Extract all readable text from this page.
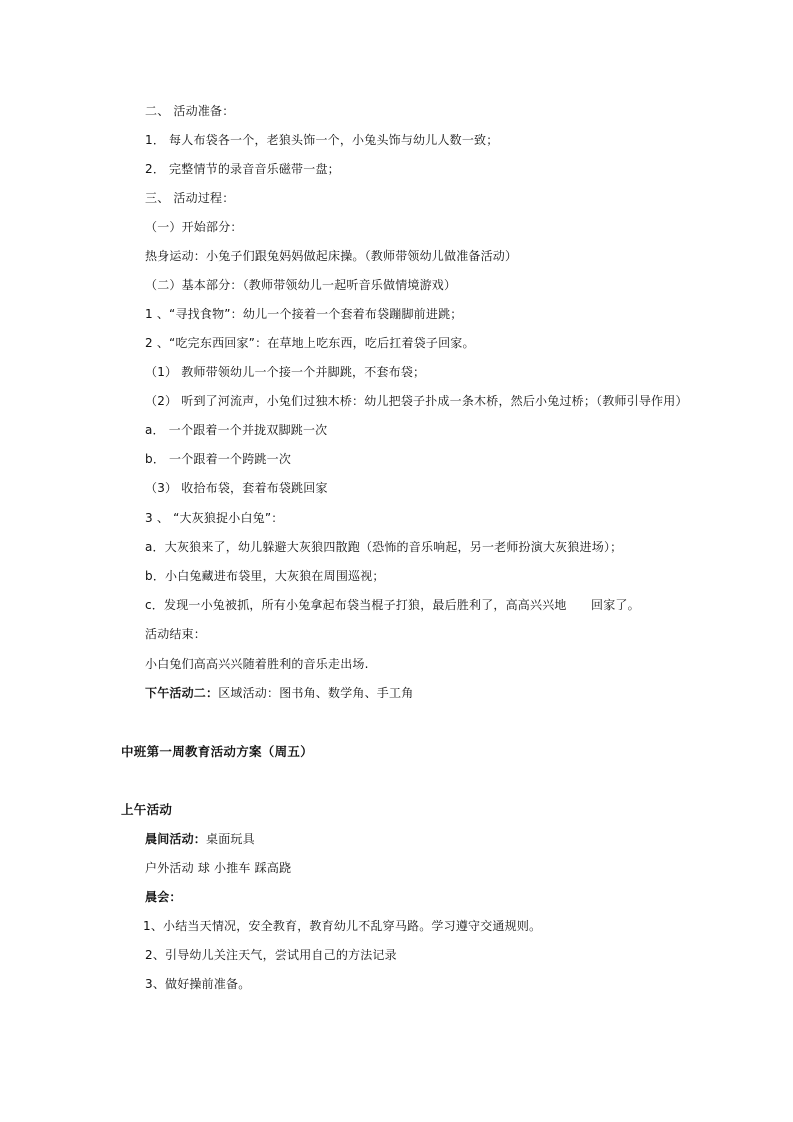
二、 活动准备：
1． 每人布袋各一个，老狼头饰一个，小兔头饰与幼儿人数一致；
2． 完整情节的录音音乐磁带一盘；
三、 活动过程：
（一）开始部分：
热身运动：小兔子们跟兔妈妈做起床操。（教师带领幼儿做准备活动）
（二）基本部分：（教师带领幼儿一起听音乐做情境游戏）
1 、“寻找食物”：幼儿一个接着一个套着布袋蹦脚前进跳；
2 、“吃完东西回家”：在草地上吃东西，吃后扛着袋子回家。
（1） 教师带领幼儿一个接一个并脚跳，不套布袋；
（2） 听到了河流声，小兔们过独木桥：幼儿把袋子扑成一条木桥，然后小兔过桥；（教师引导作用）
a． 一个跟着一个并拢双脚跳一次
b． 一个跟着一个跨跳一次
（3） 收拾布袋，套着布袋跳回家
3 、 “大灰狼捉小白兔”：
a．大灰狼来了，幼儿躲避大灰狼四散跑（恐怖的音乐响起，另一老师扮演大灰狼进场）；
b．小白兔藏进布袋里，大灰狼在周围巡视；
c．发现一小兔被抓，所有小兔拿起布袋当棍子打狼，最后胜利了，高高兴兴地　　回家了。
活动结束：
小白兔们高高兴兴随着胜利的音乐走出场.
下午活动二：区域活动：图书角、数学角、手工角
中班第一周教育活动方案（周五）
上午活动
晨间活动：桌面玩具
户外活动 球 小推车 踩高跷
晨会：
1、小结当天情况，安全教育，教育幼儿不乱穿马路。学习遵守交通规则。
2、引导幼儿关注天气，尝试用自己的方法记录
3、做好操前准备。
